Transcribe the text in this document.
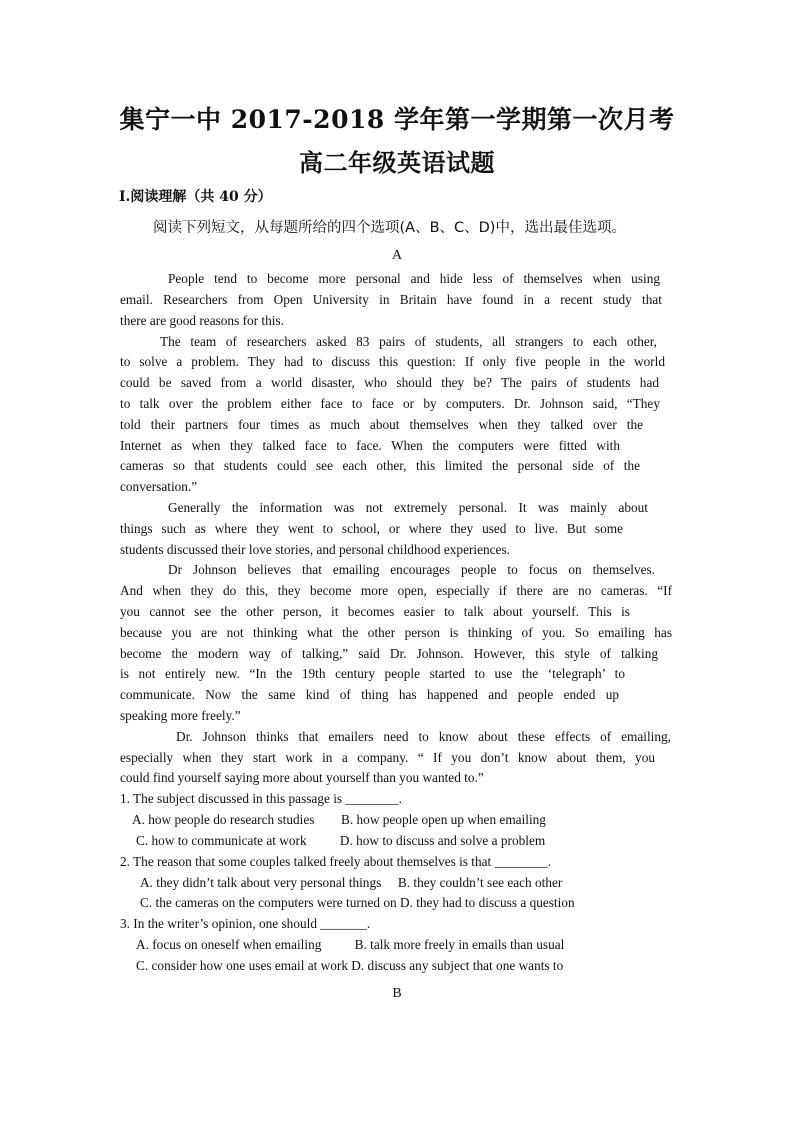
集宁一中 2017-2018 学年第一学期第一次月考
高二年级英语试题
I.阅读理解（共 40 分）
阅读下列短文，从每题所给的四个选项(A、B、C、D)中，选出最佳选项。
A
People tend to become more personal and hide less of themselves when using
email. Researchers from Open University in Britain have found in a recent study that
there are good reasons for this.
The team of researchers asked 83 pairs of students, all strangers to each other,
to solve a problem. They had to discuss this question: If only five people in the world
could be saved from a world disaster, who should they be? The pairs of students had
to talk over the problem either face to face or by computers. Dr. Johnson said, “They
told their partners four times as much about themselves when they talked over the
Internet as when they talked face to face. When the computers were fitted with
cameras so that students could see each other, this limited the personal side of the
conversation.”
Generally the information was not extremely personal. It was mainly about
things such as where they went to school, or where they used to live. But some
students discussed their love stories, and personal childhood experiences.
Dr Johnson believes that emailing encourages people to focus on themselves.
And when they do this, they become more open, especially if there are no cameras. “If
you cannot see the other person, it becomes easier to talk about yourself. This is
because you are not thinking what the other person is thinking of you. So emailing has
become the modern way of talking,” said Dr. Johnson. However, this style of talking
is not entirely new. “In the 19th century people started to use the ‘telegraph’ to
communicate. Now the same kind of thing has happened and people ended up
speaking more freely.”
Dr. Johnson thinks that emailers need to know about these effects of emailing,
especially when they start work in a company. “ If you don’t know about them, you
could find yourself saying more about yourself than you wanted to.”
1. The subject discussed in this passage is ________.
A. how people do research studies        B. how people open up when emailing
C. how to communicate at work          D. how to discuss and solve a problem
2. The reason that some couples talked freely about themselves is that ________.
A. they didn’t talk about very personal things     B. they couldn’t see each other
C. the cameras on the computers were turned on D. they had to discuss a question
3. In the writer’s opinion, one should _______.
A. focus on oneself when emailing          B. talk more freely in emails than usual
C. consider how one uses email at work D. discuss any subject that one wants to
B
